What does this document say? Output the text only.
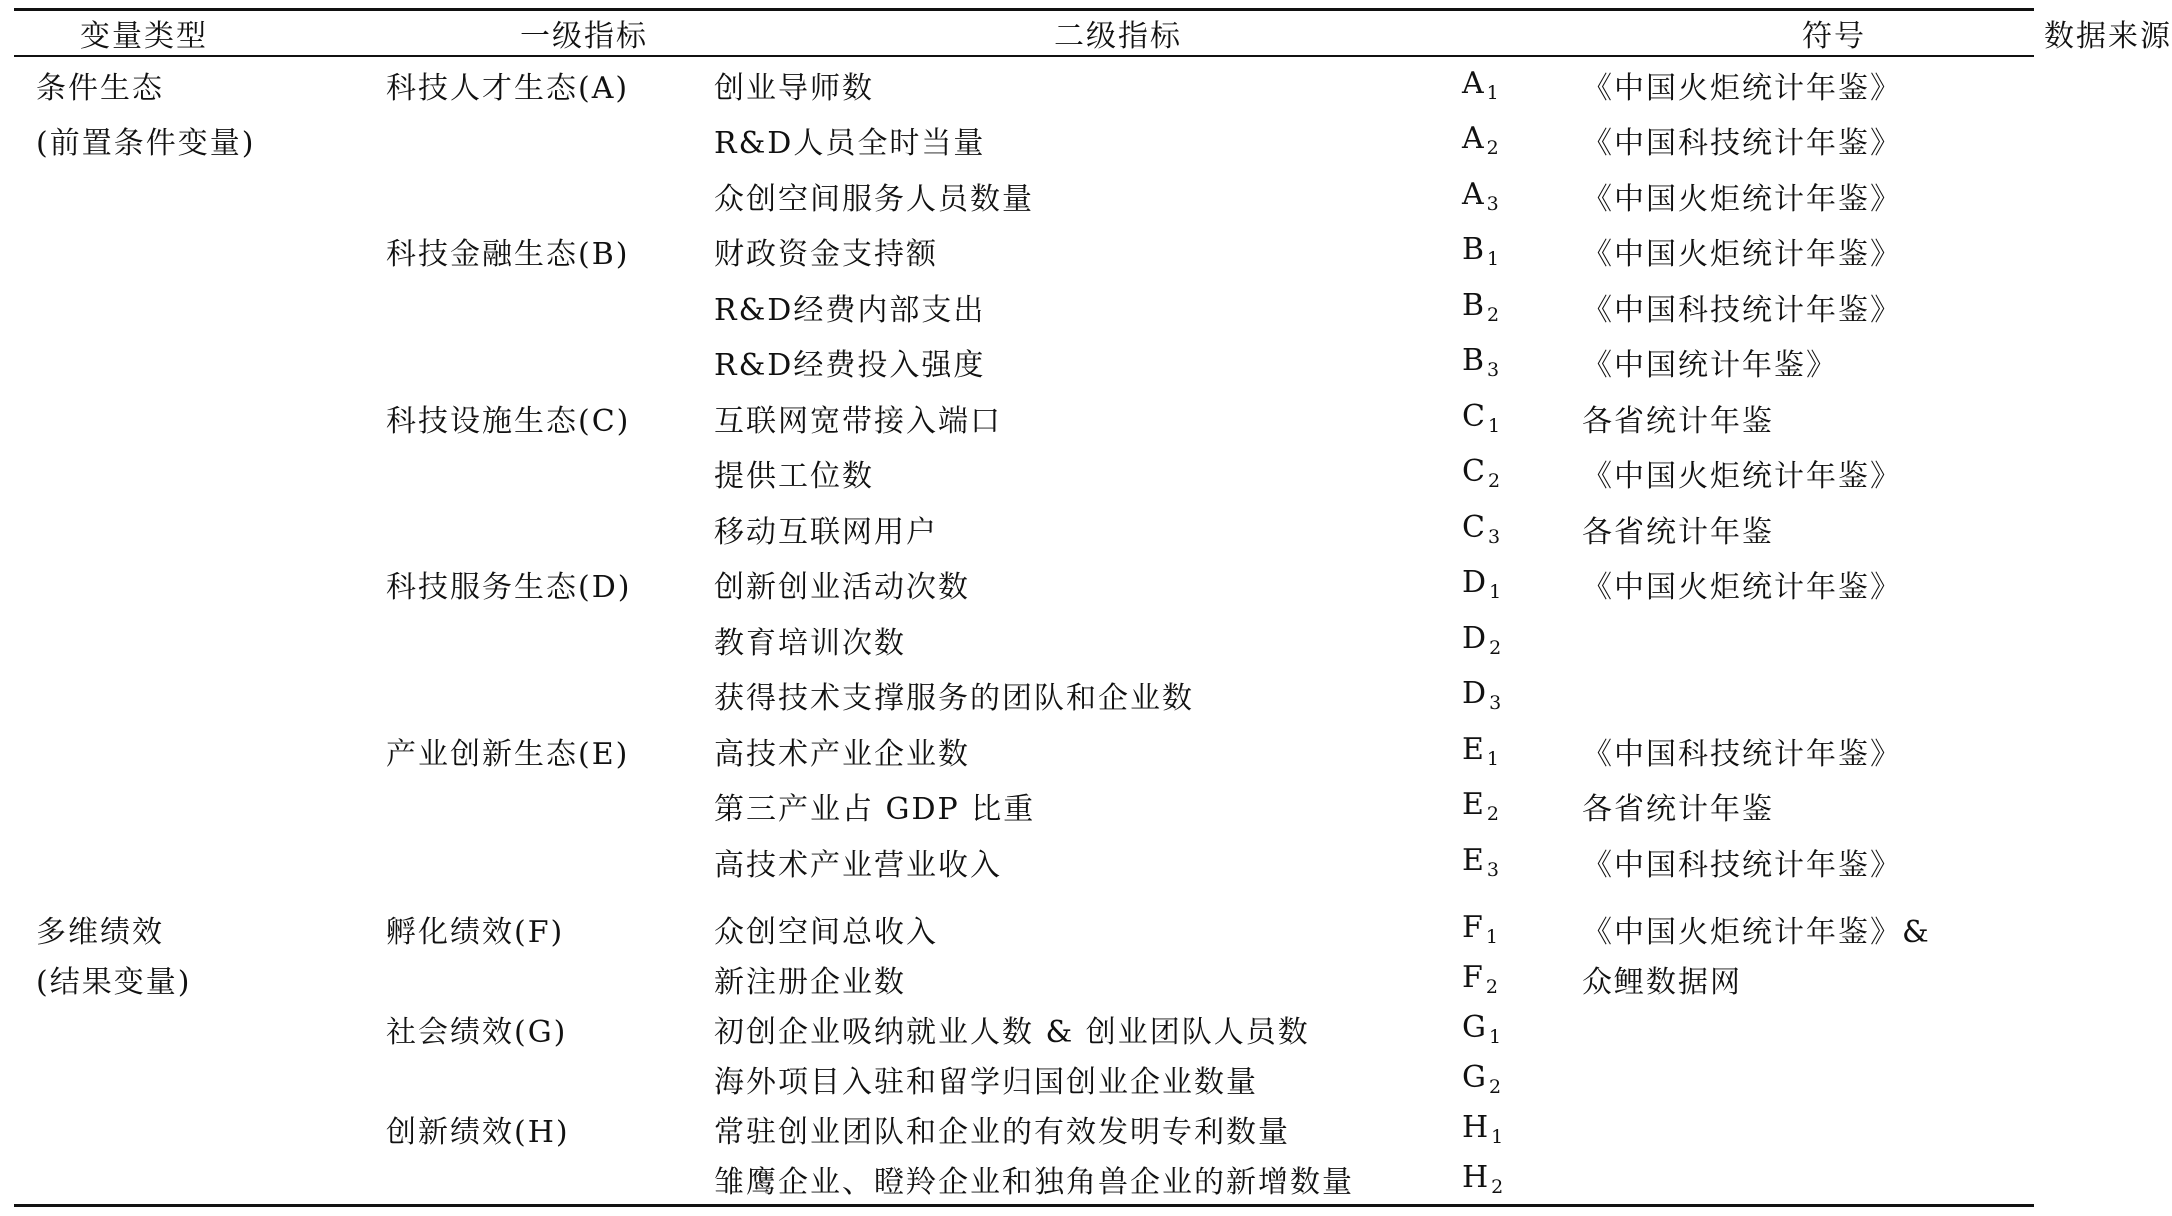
变量类型	一级指标	二级指标	符号	数据来源
条件生态	科技人才生态(A)	创业导师数	$A_1$	《中国火炬统计年鉴》
(前置条件变量)		R&D人员全时当量	$A_2$	《中国科技统计年鉴》
		众创空间服务人员数量	$A_3$	《中国火炬统计年鉴》
	科技金融生态(B)	财政资金支持额	$B_1$	《中国火炬统计年鉴》
		R&D经费内部支出	$B_2$	《中国科技统计年鉴》
		R&D经费投入强度	$B_3$	《中国统计年鉴》
	科技设施生态(C)	互联网宽带接入端口	$C_1$	各省统计年鉴
		提供工位数	$C_2$	《中国火炬统计年鉴》
		移动互联网用户	$C_3$	各省统计年鉴
	科技服务生态(D)	创新创业活动次数	$D_1$	《中国火炬统计年鉴》
		教育培训次数	$D_2$	
		获得技术支撑服务的团队和企业数	$D_3$	
	产业创新生态(E)	高技术产业企业数	$E_1$	《中国科技统计年鉴》
		第三产业占 GDP 比重	$E_2$	各省统计年鉴
		高技术产业营业收入	$E_3$	《中国科技统计年鉴》

多维绩效	孵化绩效(F)	众创空间总收入	$F_1$	《中国火炬统计年鉴》&
(结果变量)		新注册企业数	$F_2$	众鲤数据网
	社会绩效(G)	初创企业吸纳就业人数 & 创业团队人员数	$G_1$	
		海外项目入驻和留学归国创业企业数量	$G_2$	
	创新绩效(H)	常驻创业团队和企业的有效发明专利数量	$H_1$	
		雏鹰企业、瞪羚企业和独角兽企业的新增数量	$H_2$	
